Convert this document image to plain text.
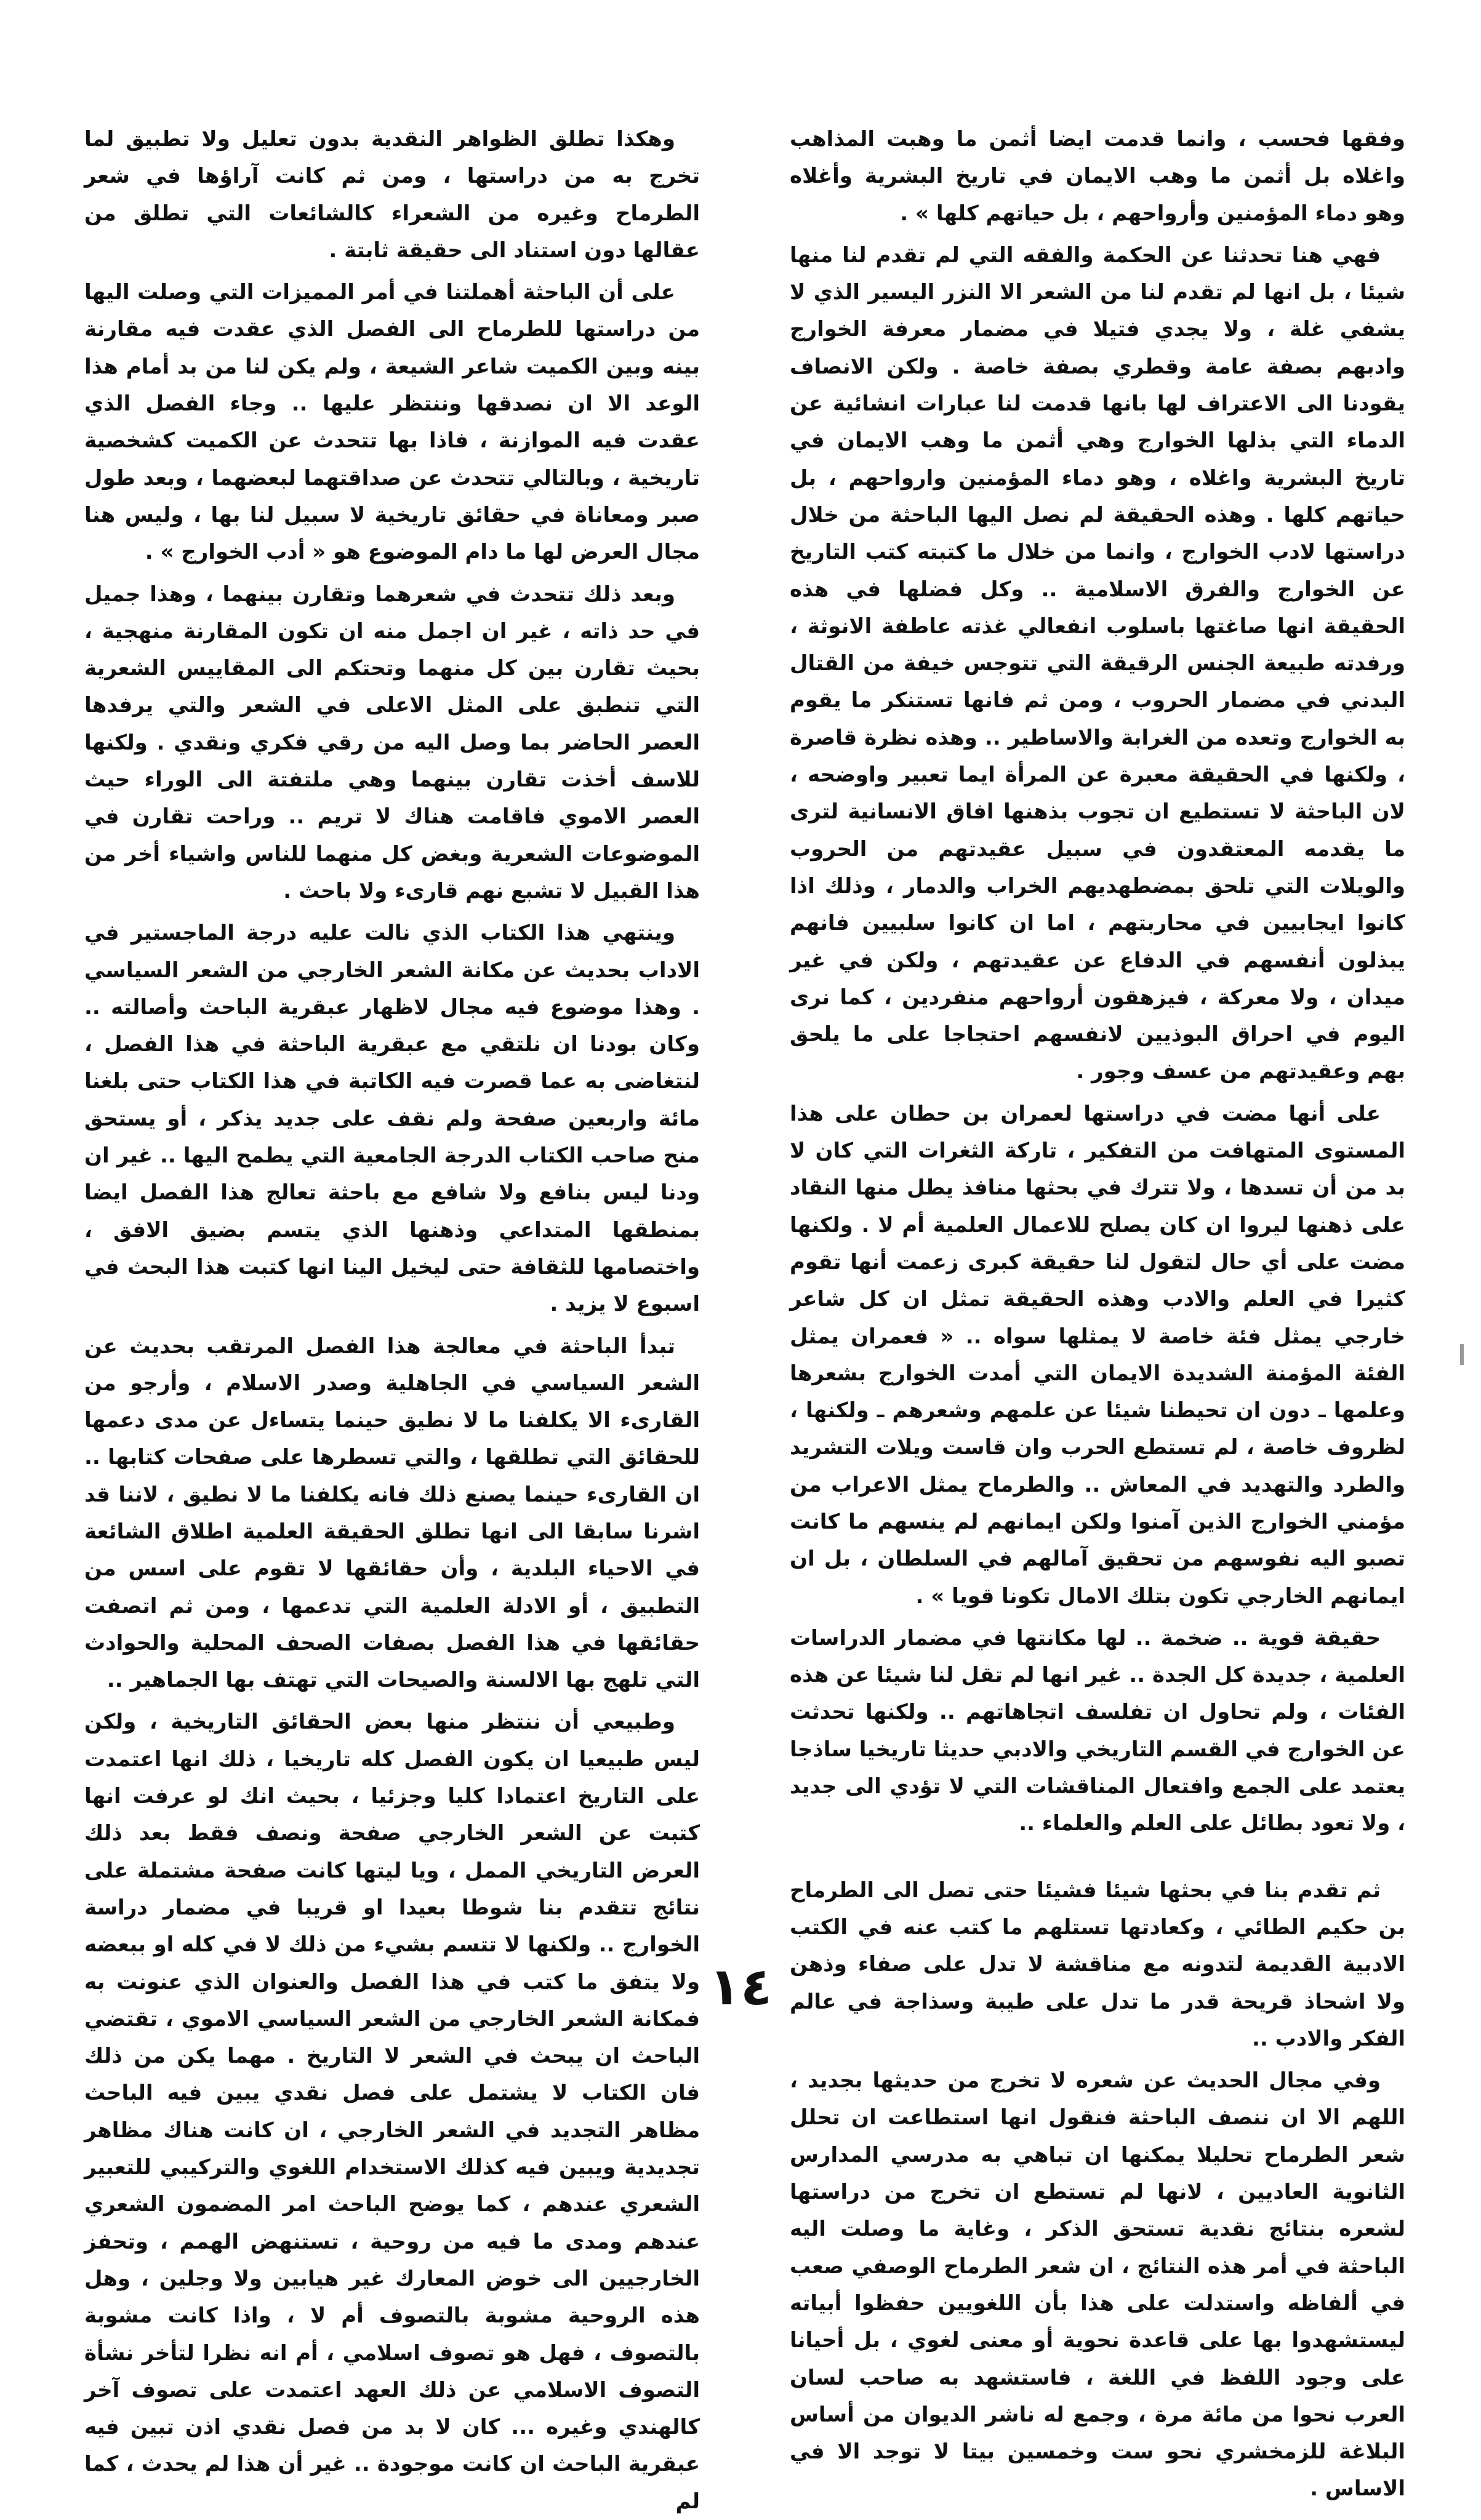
وفقها فحسب ، وانما قدمت ايضا أثمن ما وهبت المذاهب واغلاه بل أثمن ما وهب الايمان في تاريخ البشرية وأغلاه وهو دماء المؤمنين وأرواحهم ، بل حياتهم كلها » .

فهي هنا تحدثنا عن الحكمة والفقه التي لم تقدم لنا منها شيئا ، بل انها لم تقدم لنا من الشعر الا النزر اليسير الذي لا يشفي غلة ، ولا يجدي فتيلا في مضمار معرفة الخوارج وادبهم بصفة عامة وقطري بصفة خاصة . ولكن الانصاف يقودنا الى الاعتراف لها بانها قدمت لنا عبارات انشائية عن الدماء التي بذلها الخوارج وهي أثمن ما وهب الايمان في تاريخ البشرية واغلاه ، وهو دماء المؤمنين وارواحهم ، بل حياتهم كلها . وهذه الحقيقة لم نصل اليها الباحثة من خلال دراستها لادب الخوارج ، وانما من خلال ما كتبته كتب التاريخ عن الخوارج والفرق الاسلامية .. وكل فضلها في هذه الحقيقة انها صاغتها باسلوب انفعالي غذته عاطفة الانوثة ، ورفدته طبيعة الجنس الرقيقة التي تتوجس خيفة من القتال البدني في مضمار الحروب ، ومن ثم فانها تستنكر ما يقوم به الخوارج وتعده من الغرابة والاساطير .. وهذه نظرة قاصرة ، ولكنها في الحقيقة معبرة عن المرأة ايما تعبير واوضحه ، لان الباحثة لا تستطيع ان تجوب بذهنها افاق الانسانية لترى ما يقدمه المعتقدون في سبيل عقيدتهم من الحروب والويلات التي تلحق بمضطهديهم الخراب والدمار ، وذلك اذا كانوا ايجابيين في محاربتهم ، اما ان كانوا سلبيين فانهم يبذلون أنفسهم في الدفاع عن عقيدتهم ، ولكن في غير ميدان ، ولا معركة ، فيزهقون أرواحهم منفردين ، كما نرى اليوم في احراق البوذيين لانفسهم احتجاجا على ما يلحق بهم وعقيدتهم من عسف وجور .

على أنها مضت في دراستها لعمران بن حطان على هذا المستوى المتهافت من التفكير ، تاركة الثغرات التي كان لا بد من أن تسدها ، ولا تترك في بحثها منافذ يطل منها النقاد على ذهنها ليروا ان كان يصلح للاعمال العلمية أم لا . ولكنها مضت على أي حال لتقول لنا حقيقة كبرى زعمت أنها تقوم كثيرا في العلم والادب وهذه الحقيقة تمثل ان كل شاعر خارجي يمثل فئة خاصة لا يمثلها سواه .. « فعمران يمثل الفئة المؤمنة الشديدة الايمان التي أمدت الخوارج بشعرها وعلمها ـ دون ان تحيطنا شيئا عن علمهم وشعرهم ـ ولكنها ، لظروف خاصة ، لم تستطع الحرب وان قاست ويلات التشريد والطرد والتهديد في المعاش .. والطرماح يمثل الاعراب من مؤمني الخوارج الذين آمنوا ولكن ايمانهم لم ينسهم ما كانت تصبو اليه نفوسهم من تحقيق آمالهم في السلطان ، بل ان ايمانهم الخارجي تكون بتلك الامال تكونا قويا » .

حقيقة قوية .. ضخمة .. لها مكانتها في مضمار الدراسات العلمية ، جديدة كل الجدة .. غير انها لم تقل لنا شيئا عن هذه الفئات ، ولم تحاول ان تفلسف اتجاهاتهم .. ولكنها تحدثت عن الخوارج في القسم التاريخي والادبي حديثا تاريخيا ساذجا يعتمد على الجمع وافتعال المناقشات التي لا تؤدي الى جديد ، ولا تعود بطائل على العلم والعلماء ..

ثم تقدم بنا في بحثها شيئا فشيئا حتى تصل الى الطرماح بن حكيم الطائي ، وكعادتها تستلهم ما كتب عنه في الكتب الادبية القديمة لتدونه مع مناقشة لا تدل على صفاء وذهن ولا اشحاذ قريحة قدر ما تدل على طيبة وسذاجة في عالم الفكر والادب ..

وفي مجال الحديث عن شعره لا تخرج من حديثها بجديد ، اللهم الا ان ننصف الباحثة فنقول انها استطاعت ان تحلل شعر الطرماح تحليلا يمكنها ان تباهي به مدرسي المدارس الثانوية العاديين ، لانها لم تستطع ان تخرج من دراستها لشعره بنتائج نقدية تستحق الذكر ، وغاية ما وصلت اليه الباحثة في أمر هذه النتائج ، ان شعر الطرماح الوصفي صعب في ألفاظه واستدلت على هذا بأن اللغويين حفظوا أبياته ليستشهدوا بها على قاعدة نحوية أو معنى لغوي ، بل أحيانا على وجود اللفظ في اللغة ، فاستشهد به صاحب لسان العرب نحوا من مائة مرة ، وجمع له ناشر الديوان من أساس البلاغة للزمخشري نحو ست وخمسين بيتا لا توجد الا في الاساس .

وهكذا تطلق الظواهر النقدية بدون تعليل ولا تطبيق لما تخرج به من دراستها ، ومن ثم كانت آراؤها في شعر الطرماح وغيره من الشعراء كالشائعات التي تطلق من عقالها دون استناد الى حقيقة ثابتة .

على أن الباحثة أهملتنا في أمر المميزات التي وصلت اليها من دراستها للطرماح الى الفصل الذي عقدت فيه مقارنة بينه وبين الكميت شاعر الشيعة ، ولم يكن لنا من بد أمام هذا الوعد الا ان نصدقها وننتظر عليها .. وجاء الفصل الذي عقدت فيه الموازنة ، فاذا بها تتحدث عن الكميت كشخصية تاريخية ، وبالتالي تتحدث عن صداقتهما لبعضهما ، وبعد طول صبر ومعاناة في حقائق تاريخية لا سبيل لنا بها ، وليس هنا مجال العرض لها ما دام الموضوع هو « أدب الخوارج » .

وبعد ذلك تتحدث في شعرهما وتقارن بينهما ، وهذا جميل في حد ذاته ، غير ان اجمل منه ان تكون المقارنة منهجية ، بحيث تقارن بين كل منهما وتحتكم الى المقاييس الشعرية التي تنطبق على المثل الاعلى في الشعر والتي يرفدها العصر الحاضر بما وصل اليه من رقي فكري ونقدي . ولكنها للاسف أخذت تقارن بينهما وهي ملتفتة الى الوراء حيث العصر الاموي فاقامت هناك لا تريم .. وراحت تقارن في الموضوعات الشعرية وبغض كل منهما للناس واشياء أخر من هذا القبيل لا تشبع نهم قارىء ولا باحث .

وينتهي هذا الكتاب الذي نالت عليه درجة الماجستير في الاداب بحديث عن مكانة الشعر الخارجي من الشعر السياسي . وهذا موضوع فيه مجال لاظهار عبقرية الباحث وأصالته .. وكان بودنا ان نلتقي مع عبقرية الباحثة في هذا الفصل ، لنتغاضى به عما قصرت فيه الكاتبة في هذا الكتاب حتى بلغنا مائة واربعين صفحة ولم نقف على جديد يذكر ، أو يستحق منح صاحب الكتاب الدرجة الجامعية التي يطمح اليها .. غير ان ودنا ليس بنافع ولا شافع مع باحثة تعالج هذا الفصل ايضا بمنطقها المتداعي وذهنها الذي يتسم بضيق الافق ، واختصامها للثقافة حتى ليخيل الينا انها كتبت هذا البحث في اسبوع لا يزيد .

تبدأ الباحثة في معالجة هذا الفصل المرتقب بحديث عن الشعر السياسي في الجاهلية وصدر الاسلام ، وأرجو من القارىء الا يكلفنا ما لا نطيق حينما يتساءل عن مدى دعمها للحقائق التي تطلقها ، والتي تسطرها على صفحات كتابها .. ان القارىء حينما يصنع ذلك فانه يكلفنا ما لا نطيق ، لاننا قد اشرنا سابقا الى انها تطلق الحقيقة العلمية اطلاق الشائعة في الاحياء البلدية ، وأن حقائقها لا تقوم على اسس من التطبيق ، أو الادلة العلمية التي تدعمها ، ومن ثم اتصفت حقائقها في هذا الفصل بصفات الصحف المحلية والحوادث التي تلهج بها الالسنة والصيحات التي تهتف بها الجماهير ..

وطبيعي أن ننتظر منها بعض الحقائق التاريخية ، ولكن ليس طبيعيا ان يكون الفصل كله تاريخيا ، ذلك انها اعتمدت على التاريخ اعتمادا كليا وجزئيا ، بحيث انك لو عرفت انها كتبت عن الشعر الخارجي صفحة ونصف فقط بعد ذلك العرض التاريخي الممل ، ويا ليتها كانت صفحة مشتملة على نتائج تتقدم بنا شوطا بعيدا او قريبا في مضمار دراسة الخوارج .. ولكنها لا تتسم بشيء من ذلك لا في كله او ببعضه ولا يتفق ما كتب في هذا الفصل والعنوان الذي عنونت به فمكانة الشعر الخارجي من الشعر السياسي الاموي ، تقتضي الباحث ان يبحث في الشعر لا التاريخ . مهما يكن من ذلك فان الكتاب لا يشتمل على فصل نقدي يبين فيه الباحث مظاهر التجديد في الشعر الخارجي ، ان كانت هناك مظاهر تجديدية ويبين فيه كذلك الاستخدام اللغوي والتركيبي للتعبير الشعري عندهم ، كما يوضح الباحث امر المضمون الشعري عندهم ومدى ما فيه من روحية ، تستنهض الهمم ، وتحفز الخارجيين الى خوض المعارك غير هيابين ولا وجلين ، وهل هذه الروحية مشوبة بالتصوف أم لا ، واذا كانت مشوبة بالتصوف ، فهل هو تصوف اسلامي ، أم انه نظرا لتأخر نشأة التصوف الاسلامي عن ذلك العهد اعتمدت على تصوف آخر كالهندي وغيره ... كان لا بد من فصل نقدي اذن تبين فيه عبقرية الباحث ان كانت موجودة .. غير أن هذا لم يحدث ، كما لم

١٤
